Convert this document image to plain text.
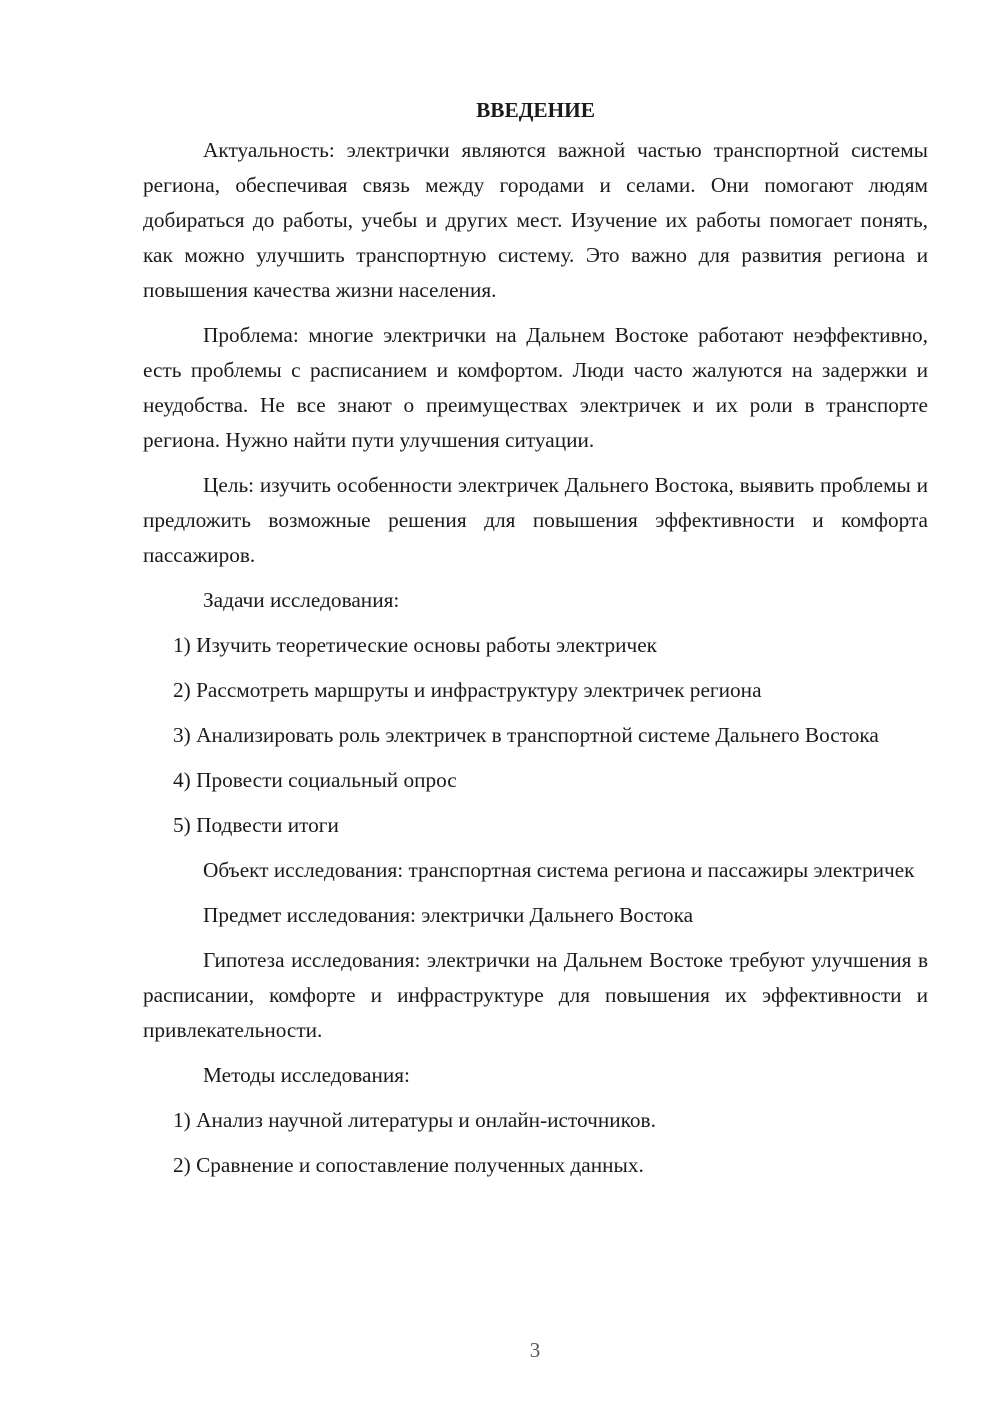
ВВЕДЕНИЕ
Актуальность: электрички являются важной частью транспортной системы региона, обеспечивая связь между городами и селами. Они помогают людям добираться до работы, учебы и других мест. Изучение их работы помогает понять, как можно улучшить транспортную систему. Это важно для развития региона и повышения качества жизни населения.
Проблема: многие электрички на Дальнем Востоке работают неэффективно, есть проблемы с расписанием и комфортом. Люди часто жалуются на задержки и неудобства. Не все знают о преимуществах электричек и их роли в транспорте региона. Нужно найти пути улучшения ситуации.
Цель: изучить особенности электричек Дальнего Востока, выявить проблемы и предложить возможные решения для повышения эффективности и комфорта пассажиров.
Задачи исследования:
1) Изучить теоретические основы работы электричек
2) Рассмотреть маршруты и инфраструктуру электричек региона
3) Анализировать роль электричек в транспортной системе Дальнего Востока
4) Провести социальный опрос
5) Подвести итоги
Объект исследования: транспортная система региона и пассажиры электричек
Предмет исследования: электрички Дальнего Востока
Гипотеза исследования: электрички на Дальнем Востоке требуют улучшения в расписании, комфорте и инфраструктуре для повышения их эффективности и привлекательности.
Методы исследования:
1) Анализ научной литературы и онлайн-источников.
2) Сравнение и сопоставление полученных данных.
3
